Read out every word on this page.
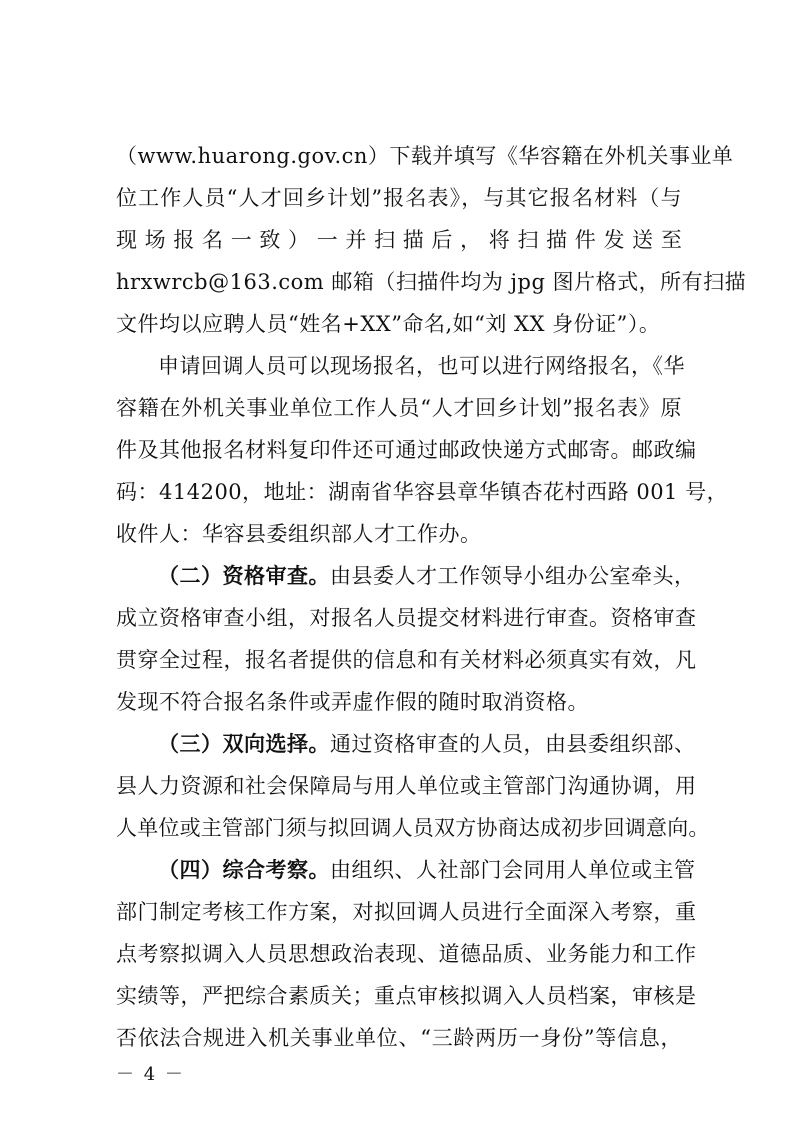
（www.huarong.gov.cn）下载并填写《华容籍在外机关事业单
位工作人员“人才回乡计划”报名表》，与其它报名材料（与
现 场 报 名 一 致 ） 一 并 扫 描 后 ， 将 扫 描 件 发 送 至
hrxwrcb@163.com 邮箱（扫描件均为 jpg 图片格式，所有扫描
文件均以应聘人员“姓名+XX”命名,如“刘 XX 身份证”）。
申请回调人员可以现场报名，也可以进行网络报名，《华
容籍在外机关事业单位工作人员“人才回乡计划”报名表》原
件及其他报名材料复印件还可通过邮政快递方式邮寄。邮政编
码：414200，地址：湖南省华容县章华镇杏花村西路 001 号，
收件人：华容县委组织部人才工作办。
（二）资格审查。 由县委人才工作领导小组办公室牵头，
成立资格审查小组，对报名人员提交材料进行审查。资格审查
贯穿全过程，报名者提供的信息和有关材料必须真实有效，凡
发现不符合报名条件或弄虚作假的随时取消资格。
（三）双向选择。 通过资格审查的人员，由县委组织部、
县人力资源和社会保障局与用人单位或主管部门沟通协调，用
人单位或主管部门须与拟回调人员双方协商达成初步回调意向。
（四）综合考察。 由组织、人社部门会同用人单位或主管
部门制定考核工作方案，对拟回调人员进行全面深入考察，重
点考察拟调入人员思想政治表现、道德品质、业务能力和工作
实绩等，严把综合素质关；重点审核拟调入人员档案，审核是
否依法合规进入机关事业单位、“三龄两历一身份”等信息，
－ 4 －
